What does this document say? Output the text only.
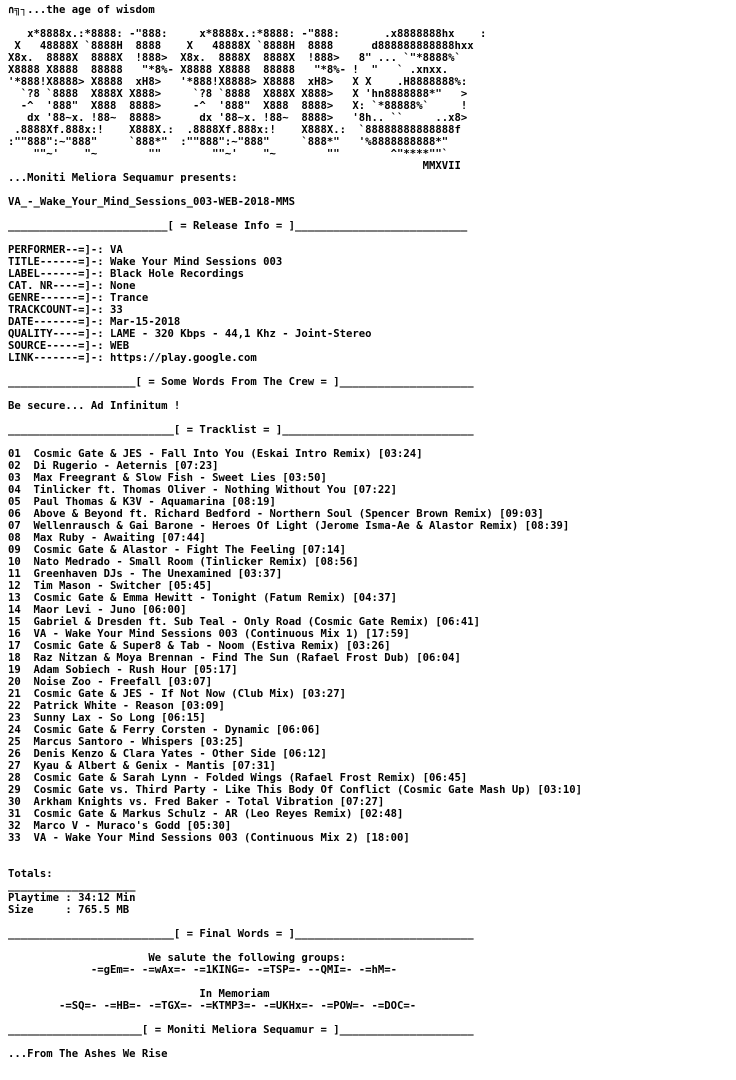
∩╗┐...the age of wisdom

x*8888x.:*8888: -"888:     x*8888x.:*8888: -"888:       .x8888888hx    :
X   48888X `8888H  8888    X   48888X `8888H  8888      d888888888888hxx
X8x.  8888X  8888X  !888>  X8x.  8888X  8888X  !888>   8" ... `"*8888%`
X8888 X8888  88888   "*8%- X8888 X8888  88888   "*8%- !  "   ` .xnxx.
'*888!X8888> X8888  xH8>   '*888!X8888> X8888  xH8>   X X    .H8888888%:
`?8 `8888  X888X X888>     `?8 `8888  X888X X888>   X 'hn8888888*"   >
-^  '888"  X888  8888>     -^  '888"  X888  8888>   X: `*88888%`     !
dx '88~x. !88~  8888>      dx '88~x. !88~  8888>   '8h.. ``     ..x8>
.8888Xf.888x:!    X888X.:  .8888Xf.888x:!    X888X.:  `88888888888888f
:""888":~"888"     `888*"  :""888":~"888"     `888*"   '%8888888888*"
""~'    "~        ""        ""~'    "~        ""        ^"****""`
MMXVII
...Moniti Meliora Sequamur presents:

VA_-_Wake_Your_Mind_Sessions_003-WEB-2018-MMS

_________________________[ = Release Info = ]___________________________

PERFORMER--=]-: VA
TITLE------=]-: Wake Your Mind Sessions 003
LABEL------=]-: Black Hole Recordings
CAT. NR----=]-: None
GENRE------=]-: Trance
TRACKCOUNT-=]-: 33
DATE-------=]-: Mar-15-2018
QUALITY----=]-: LAME - 320 Kbps - 44,1 Khz - Joint-Stereo
SOURCE-----=]-: WEB
LINK-------=]-: https://play.google.com

____________________[ = Some Words From The Crew = ]_____________________

Be secure... Ad Infinitum !

__________________________[ = Tracklist = ]______________________________

01  Cosmic Gate & JES - Fall Into You (Eskai Intro Remix) [03:24]
02  Di Rugerio - Aeternis [07:23]
03  Max Freegrant & Slow Fish - Sweet Lies [03:50]
04  Tinlicker ft. Thomas Oliver - Nothing Without You [07:22]
05  Paul Thomas & K3V - Aquamarina [08:19]
06  Above & Beyond ft. Richard Bedford - Northern Soul (Spencer Brown Remix) [09:03]
07  Wellenrausch & Gai Barone - Heroes Of Light (Jerome Isma-Ae & Alastor Remix) [08:39]
08  Max Ruby - Awaiting [07:44]
09  Cosmic Gate & Alastor - Fight The Feeling [07:14]
10  Nato Medrado - Small Room (Tinlicker Remix) [08:56]
11  Greenhaven DJs - The Unexamined [03:37]
12  Tim Mason - Switcher [05:45]
13  Cosmic Gate & Emma Hewitt - Tonight (Fatum Remix) [04:37]
14  Maor Levi - Juno [06:00]
15  Gabriel & Dresden ft. Sub Teal - Only Road (Cosmic Gate Remix) [06:41]
16  VA - Wake Your Mind Sessions 003 (Continuous Mix 1) [17:59]
17  Cosmic Gate & Super8 & Tab - Noom (Estiva Remix) [03:26]
18  Raz Nitzan & Moya Brennan - Find The Sun (Rafael Frost Dub) [06:04]
19  Adam Sobiech - Rush Hour [05:17]
20  Noise Zoo - Freefall [03:07]
21  Cosmic Gate & JES - If Not Now (Club Mix) [03:27]
22  Patrick White - Reason [03:09]
23  Sunny Lax - So Long [06:15]
24  Cosmic Gate & Ferry Corsten - Dynamic [06:06]
25  Marcus Santoro - Whispers [03:25]
26  Denis Kenzo & Clara Yates - Other Side [06:12]
27  Kyau & Albert & Genix - Mantis [07:31]
28  Cosmic Gate & Sarah Lynn - Folded Wings (Rafael Frost Remix) [06:45]
29  Cosmic Gate vs. Third Party - Like This Body Of Conflict (Cosmic Gate Mash Up) [03:10]
30  Arkham Knights vs. Fred Baker - Total Vibration [07:27]
31  Cosmic Gate & Markus Schulz - AR (Leo Reyes Remix) [02:48]
32  Marco V - Muraco's Godd [05:30]
33  VA - Wake Your Mind Sessions 003 (Continuous Mix 2) [18:00]

Totals:
____________________
Playtime : 34:12 Min
Size     : 765.5 MB

__________________________[ = Final Words = ]____________________________

We salute the following groups:
-=gEm=- -=wAx=- -=1KING=- -=TSP=- --QMI=- -=hM=-

In Memoriam
-=SQ=- -=HB=- -=TGX=- -=KTMP3=- -=UKHx=- -=POW=- -=DOC=-

_____________________[ = Moniti Meliora Sequamur = ]_____________________

...From The Ashes We Rise
